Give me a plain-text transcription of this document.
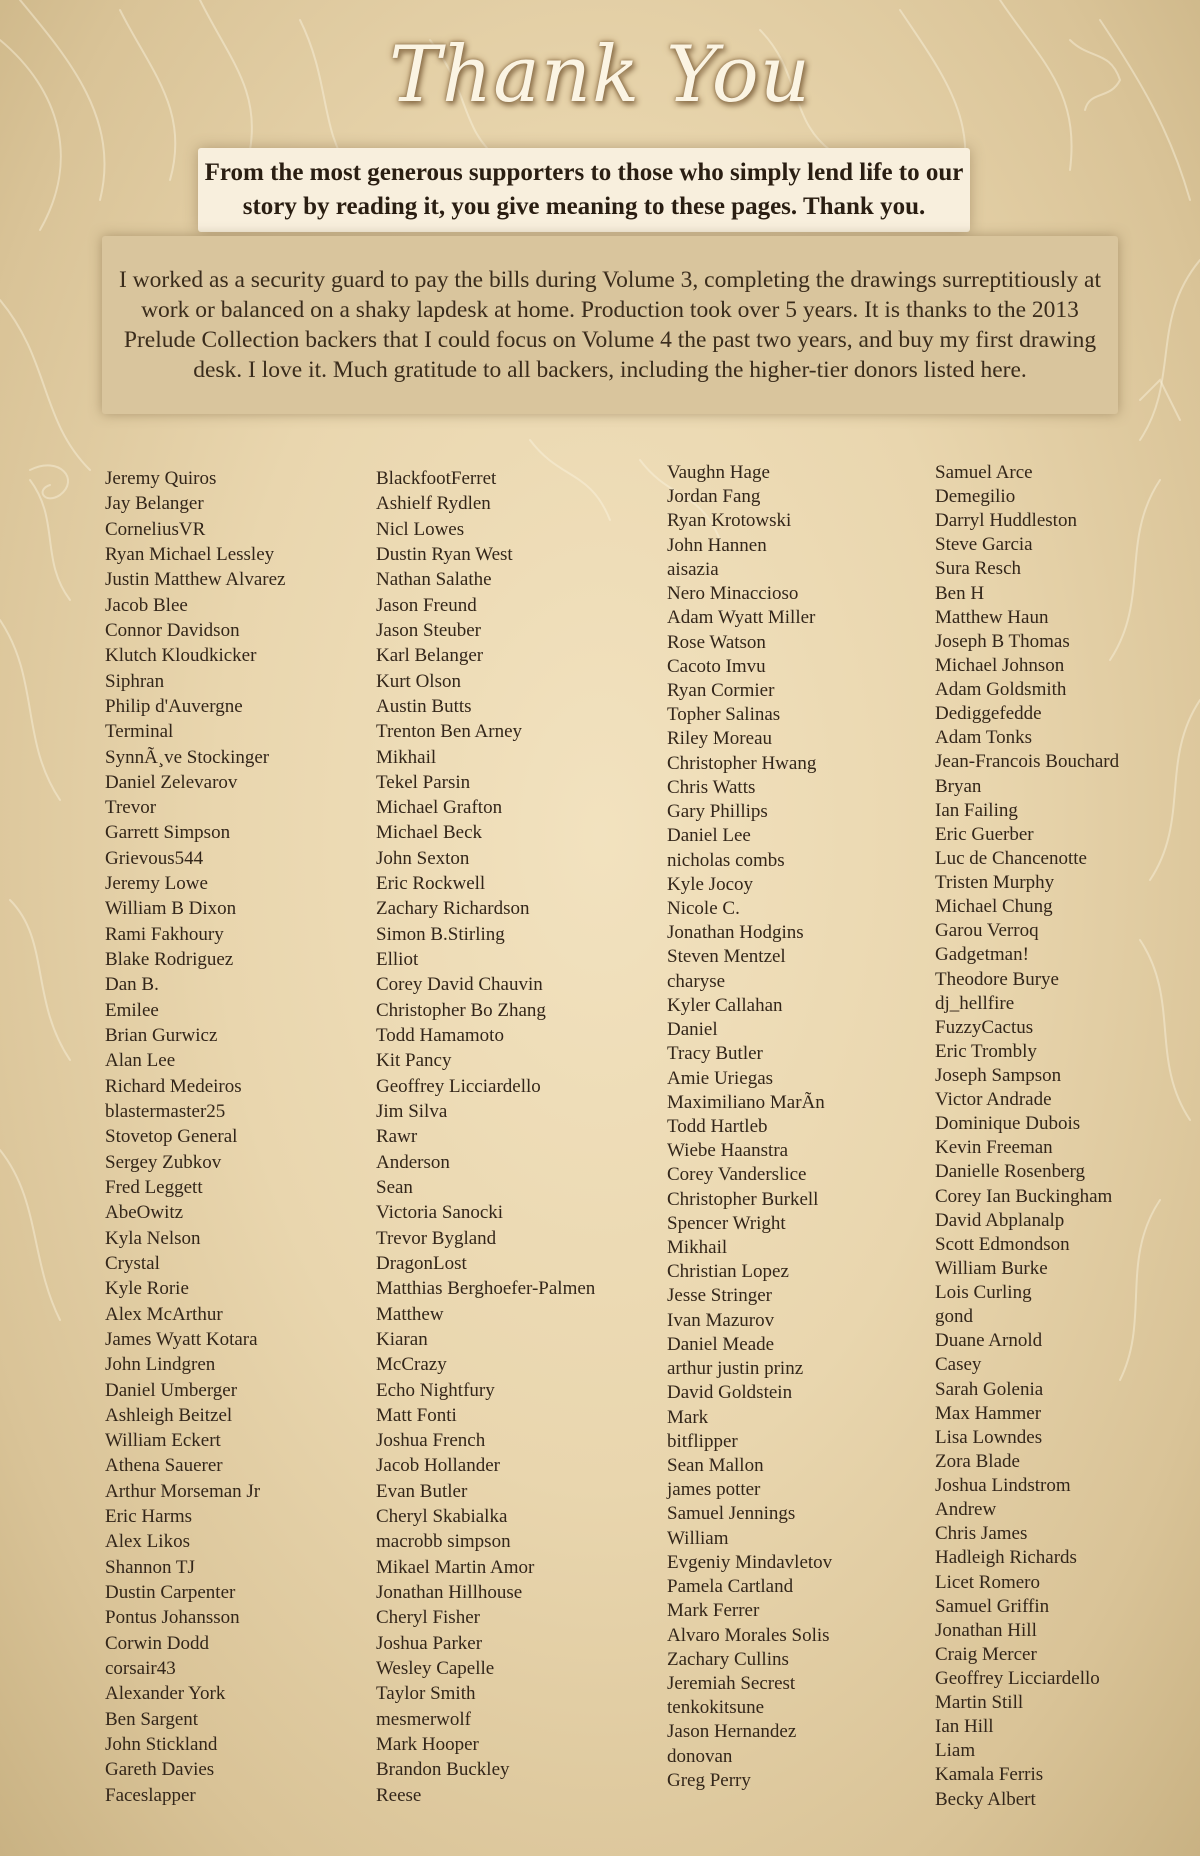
Thank You
From the most generous supporters to those who simply lend life to our story by reading it, you give meaning to these pages. Thank you.
I worked as a security guard to pay the bills during Volume 3, completing the drawings surreptitiously at work or balanced on a shaky lapdesk at home. Production took over 5 years. It is thanks to the 2013 Prelude Collection backers that I could focus on Volume 4 the past two years, and buy my first drawing desk. I love it. Much gratitude to all backers, including the higher-tier donors listed here.
Jeremy Quiros
Jay Belanger
CorneliusVR
Ryan Michael Lessley
Justin Matthew Alvarez
Jacob Blee
Connor Davidson
Klutch Kloudkicker
Siphran
Philip d'Auvergne
Terminal
SynnÃ¸ve Stockinger
Daniel Zelevarov
Trevor
Garrett Simpson
Grievous544
Jeremy Lowe
William B Dixon
Rami Fakhoury
Blake Rodriguez
Dan B.
Emilee
Brian Gurwicz
Alan Lee
Richard Medeiros
blastermaster25
Stovetop General
Sergey Zubkov
Fred Leggett
AbeOwitz
Kyla Nelson
Crystal
Kyle Rorie
Alex McArthur
James Wyatt Kotara
John Lindgren
Daniel Umberger
Ashleigh Beitzel
William Eckert
Athena Sauerer
Arthur Morseman Jr
Eric Harms
Alex Likos
Shannon TJ
Dustin Carpenter
Pontus Johansson
Corwin Dodd
corsair43
Alexander York
Ben Sargent
John Stickland
Gareth Davies
Faceslapper
BlackfootFerret
Ashielf Rydlen
Nicl Lowes
Dustin Ryan West
Nathan Salathe
Jason Freund
Jason Steuber
Karl Belanger
Kurt Olson
Austin Butts
Trenton Ben Arney
Mikhail
Tekel Parsin
Michael Grafton
Michael Beck
John Sexton
Eric Rockwell
Zachary Richardson
Simon B.Stirling
Elliot
Corey David Chauvin
Christopher Bo Zhang
Todd Hamamoto
Kit Pancy
Geoffrey Licciardello
Jim Silva
Rawr
Anderson
Sean
Victoria Sanocki
Trevor Bygland
DragonLost
Matthias Berghoefer-Palmen
Matthew
Kiaran
McCrazy
Echo Nightfury
Matt Fonti
Joshua French
Jacob Hollander
Evan Butler
Cheryl Skabialka
macrobb simpson
Mikael Martin Amor
Jonathan Hillhouse
Cheryl Fisher
Joshua Parker
Wesley Capelle
Taylor Smith
mesmerwolf
Mark Hooper
Brandon Buckley
Reese
Vaughn Hage
Jordan Fang
Ryan Krotowski
John Hannen
aisazia
Nero Minaccioso
Adam Wyatt Miller
Rose Watson
Cacoto Imvu
Ryan Cormier
Topher Salinas
Riley Moreau
Christopher Hwang
Chris Watts
Gary Phillips
Daniel Lee
nicholas combs
Kyle Jocoy
Nicole C.
Jonathan Hodgins
Steven Mentzel
charyse
Kyler Callahan
Daniel
Tracy Butler
Amie Uriegas
Maximiliano MarÃn
Todd Hartleb
Wiebe Haanstra
Corey Vanderslice
Christopher Burkell
Spencer Wright
Mikhail
Christian Lopez
Jesse Stringer
Ivan Mazurov
Daniel Meade
arthur justin prinz
David Goldstein
Mark
bitflipper
Sean Mallon
james potter
Samuel Jennings
William
Evgeniy Mindavletov
Pamela Cartland
Mark Ferrer
Alvaro Morales Solis
Zachary Cullins
Jeremiah Secrest
tenkokitsune
Jason Hernandez
donovan
Greg Perry
Samuel Arce
Demegilio
Darryl Huddleston
Steve Garcia
Sura Resch
Ben H
Matthew Haun
Joseph B Thomas
Michael Johnson
Adam Goldsmith
Dediggefedde
Adam Tonks
Jean-Francois Bouchard
Bryan
Ian Failing
Eric Guerber
Luc de Chancenotte
Tristen Murphy
Michael Chung
Garou Verroq
Gadgetman!
Theodore Burye
dj_hellfire
FuzzyCactus
Eric Trombly
Joseph Sampson
Victor Andrade
Dominique Dubois
Kevin Freeman
Danielle Rosenberg
Corey Ian Buckingham
David Abplanalp
Scott Edmondson
William Burke
Lois Curling
gond
Duane Arnold
Casey
Sarah Golenia
Max Hammer
Lisa Lowndes
Zora Blade
Joshua Lindstrom
Andrew
Chris James
Hadleigh Richards
Licet Romero
Samuel Griffin
Jonathan Hill
Craig Mercer
Geoffrey Licciardello
Martin Still
Ian Hill
Liam
Kamala Ferris
Becky Albert
